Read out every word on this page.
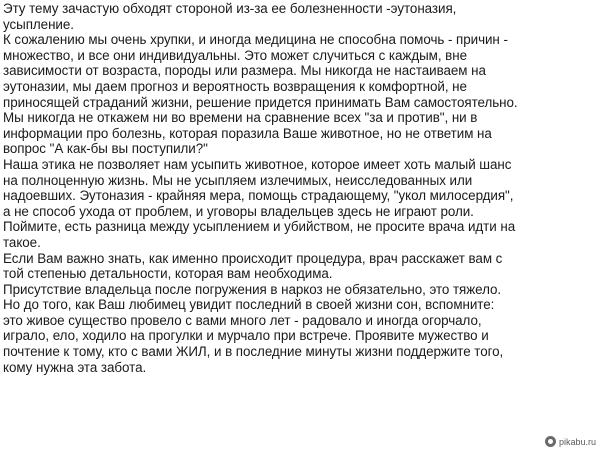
Эту тему зачастую обходят стороной из-за ее болезненности -эутоназия,
усыпление.
К сожалению мы очень хрупки, и иногда медицина не способна помочь - причин -
множество, и все они индивидуальны. Это может случиться с каждым, вне
зависимости от возраста, породы или размера. Мы никогда не настаиваем на
эутоназии, мы даем прогноз и вероятность возвращения к комфортной, не
приносящей страданий жизни, решение придется принимать Вам самостоятельно.
Мы никогда не откажем ни во времени на сравнение всех "за и против", ни в
информации про болезнь, которая поразила Ваше животное, но не ответим на
вопрос "А как-бы вы поступили?"
Наша этика не позволяет нам усыпить животное, которое имеет хоть малый шанс
на полноценную жизнь. Мы не усыпляем излечимых, неисследованных или
надоевших. Эутоназия - крайняя мера, помощь страдающему, "укол милосердия",
а не способ ухода от проблем, и уговоры владельцев здесь не играют роли.
Поймите, есть разница между усыплением и убийством, не просите врача идти на
такое.
Если Вам важно знать, как именно происходит процедура, врач расскажет вам с
той степенью детальности, которая вам необходима.
Присутствие владельца после погружения в наркоз не обязательно, это тяжело.
Но до того, как Ваш любимец увидит последний в своей жизни сон, вспомните:
это живое существо провело с вами много лет - радовало и иногда огорчало,
играло, ело, ходило на прогулки и мурчало при встрече. Проявите мужество и
почтение к тому, кто с вами ЖИЛ, и в последние минуты жизни поддержите того,
кому нужна эта забота.
pikabu.ru
